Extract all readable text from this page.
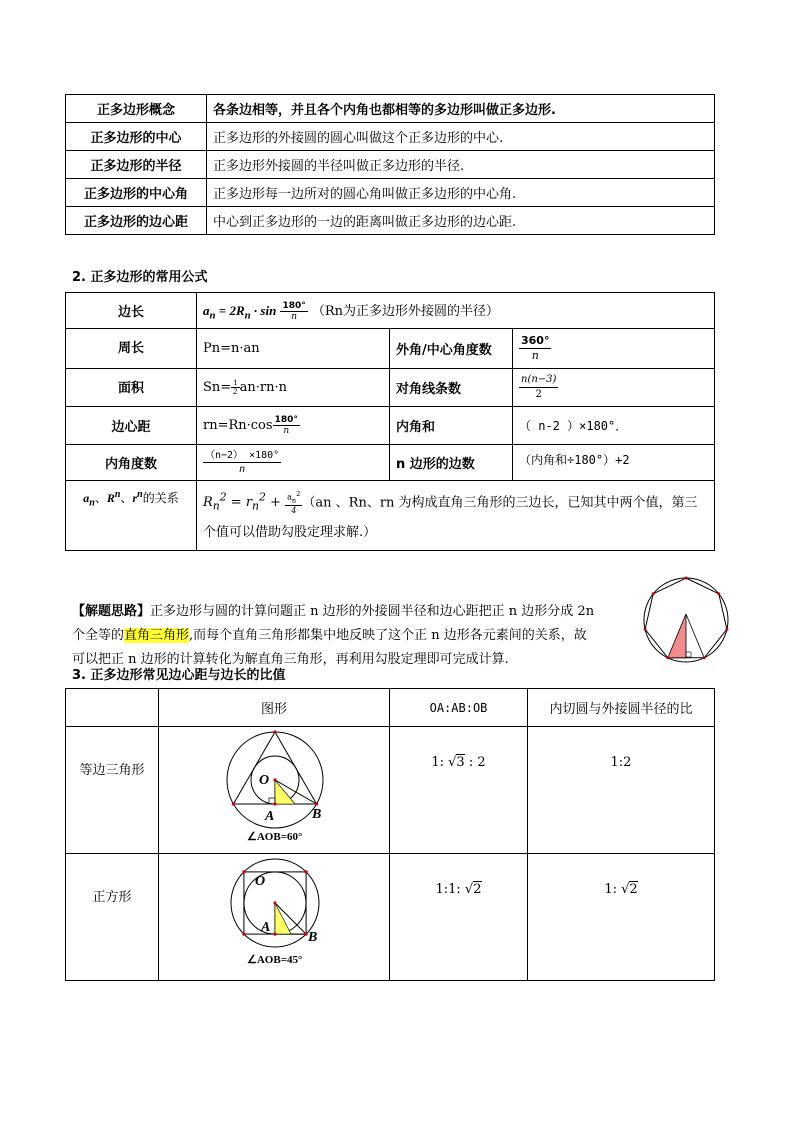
正多边形概念	各条边相等，并且各个内角也都相等的多边形叫做正多边形.
正多边形的中心	正多边形的外接圆的圆心叫做这个正多边形的中心.
正多边形的半径	正多边形外接圆的半径叫做正多边形的半径.
正多边形的中心角	正多边形每一边所对的圆心角叫做正多边形的中心角.
正多边形的边心距	中心到正多边形的一边的距离叫做正多边形的边心距.
2. 正多边形的常用公式
边长	$a_n = 2R_n \cdot \sin \frac{180^\circ}{n} (Rn$为正多边形外接圆的半径）		
周长	Pn=n·an	外角/中心角度数	$\frac{360^\circ}{n}$

面积	$Sn= \frac{1}{2} an\cdot rn\cdot n$	对角线条数	$\frac{n(n-3)}{2}$

边心距	$rn=Rn\cdot\cos \frac{180^\circ}{n}$	内角和	（ n-2 ）×180°．
内角度数	$\frac{(n-2) \times 180^\circ}{n}$	n 边形的边数	（内角和÷180°）+2
$a_n$、$R^n$、$r^n$的关系	$R_n^2 = r_n^2 + \frac{a_n^2}{4} (an$ 、Rn、rn 为构成直角三角形的三边长，已知其中两个值，第三个值可以借助勾股定理求解.）		

【解题思路】正多边形与圆的计算问题正 n 边形的外接圆半径和边心距把正 n 边形分成 2n

个全等的直角三角形,而每个直角三角形都集中地反映了这个正 n 边形各元素间的关系，故

可以把正 n 边形的计算转化为解直角三角形，再利用勾股定理即可完成计算.

3. 正多边形常见边心距与边长的比值
	图形	OA:AB:OB	内切圆与外接圆半径的比
等边三角形	O
A B
∠AOB=60°	1: √3 : 2	1:2
正方形	O
A
B
∠AOB=45°	1:1: √2	1: √2
